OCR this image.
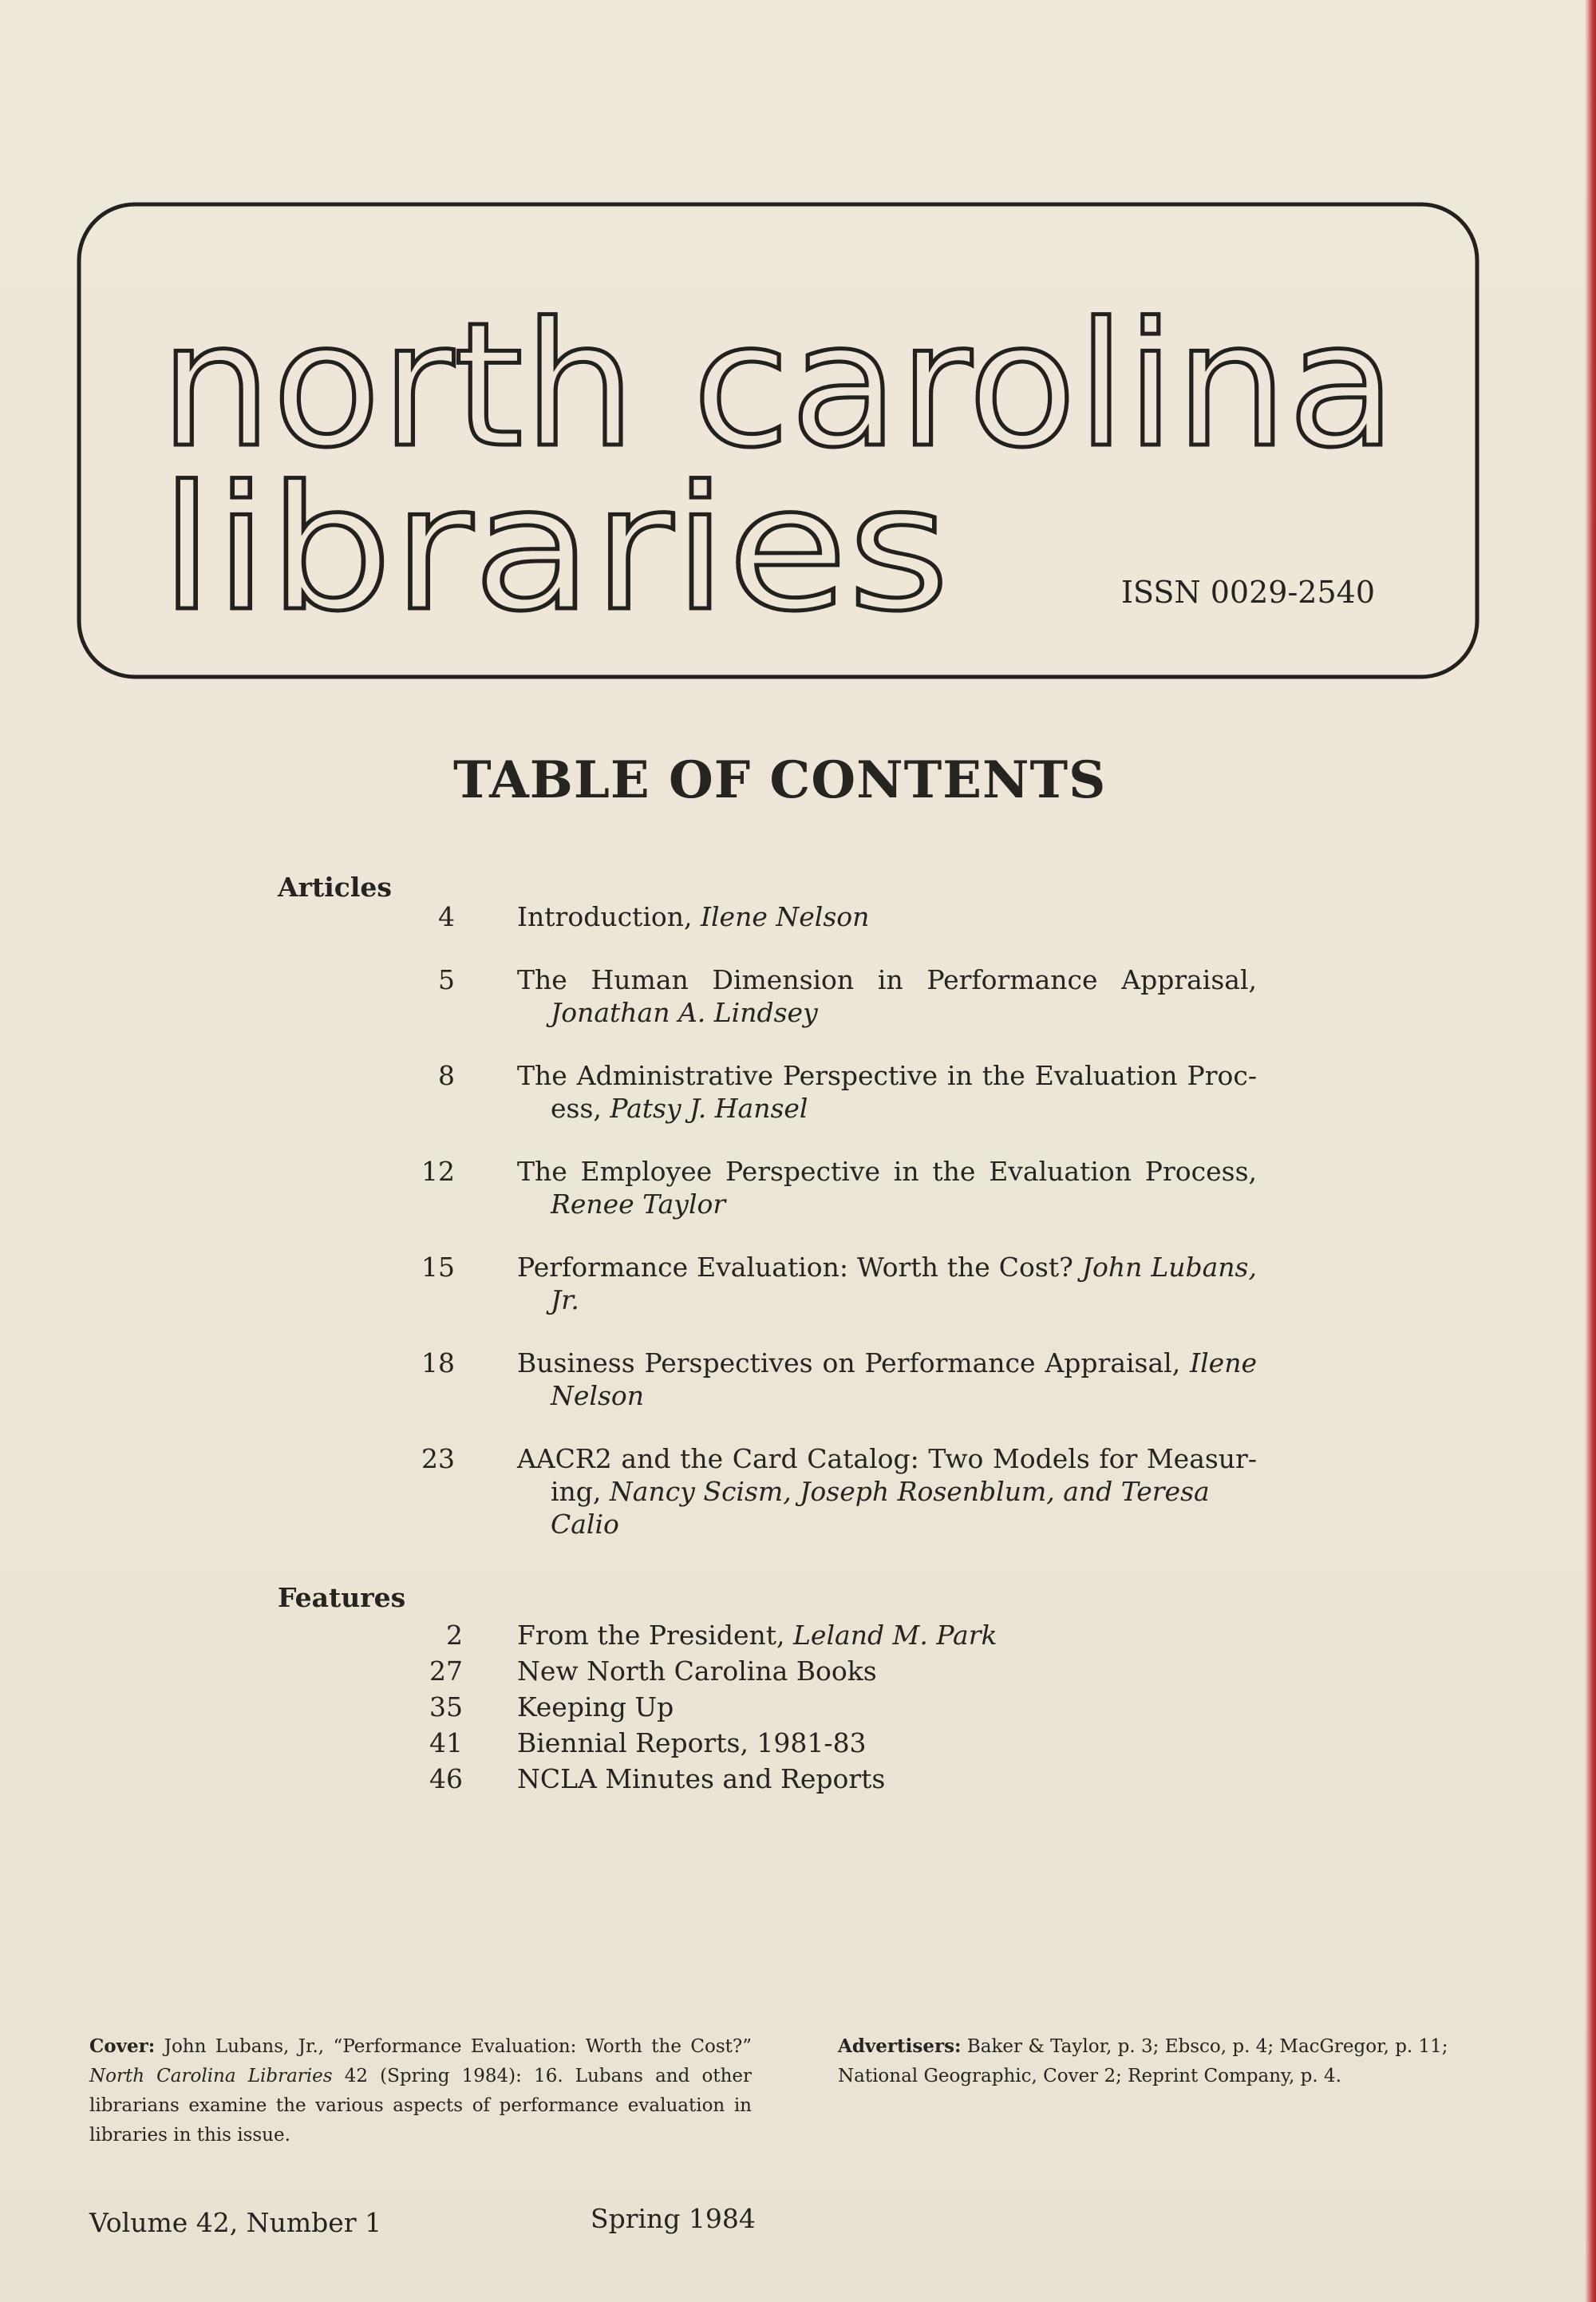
north carolina
libraries	ISSN 0029-2540
TABLE OF CONTENTS
Articles
4 Introduction, Ilene Nelson
5 The Human Dimension in Performance Appraisal,
Jonathan A. Lindsey
8 The Administrative Perspective in the Evaluation Proc-
ess, Patsy J. Hansel
12 The Employee Perspective in the Evaluation Process,
Renee Taylor
15 Performance Evaluation: Worth the Cost? John Lubans,
Jr.
18 Business Perspectives on Performance Appraisal, Ilene
Nelson
23 AACR2 and the Card Catalog: Two Models for Measur-
ing, Nancy Scism, Joseph Rosenblum, and Teresa
Calio
Features
2 From the President, Leland M. Park
27 New North Carolina Books
35 Keeping Up
41 Biennial Reports, 1981-83
46 NCLA Minutes and Reports
Cover: John Lubans, Jr., “Performance Evaluation: Worth the Cost?” North Carolina Libraries 42 (Spring 1984): 16. Lubans and other librarians examine the various aspects of performance evaluation in libraries in this issue.
Advertisers: Baker & Taylor, p. 3; Ebsco, p. 4; MacGregor, p. 11; National Geographic, Cover 2; Reprint Company, p. 4.
Volume 42, Number 1	Spring 1984
